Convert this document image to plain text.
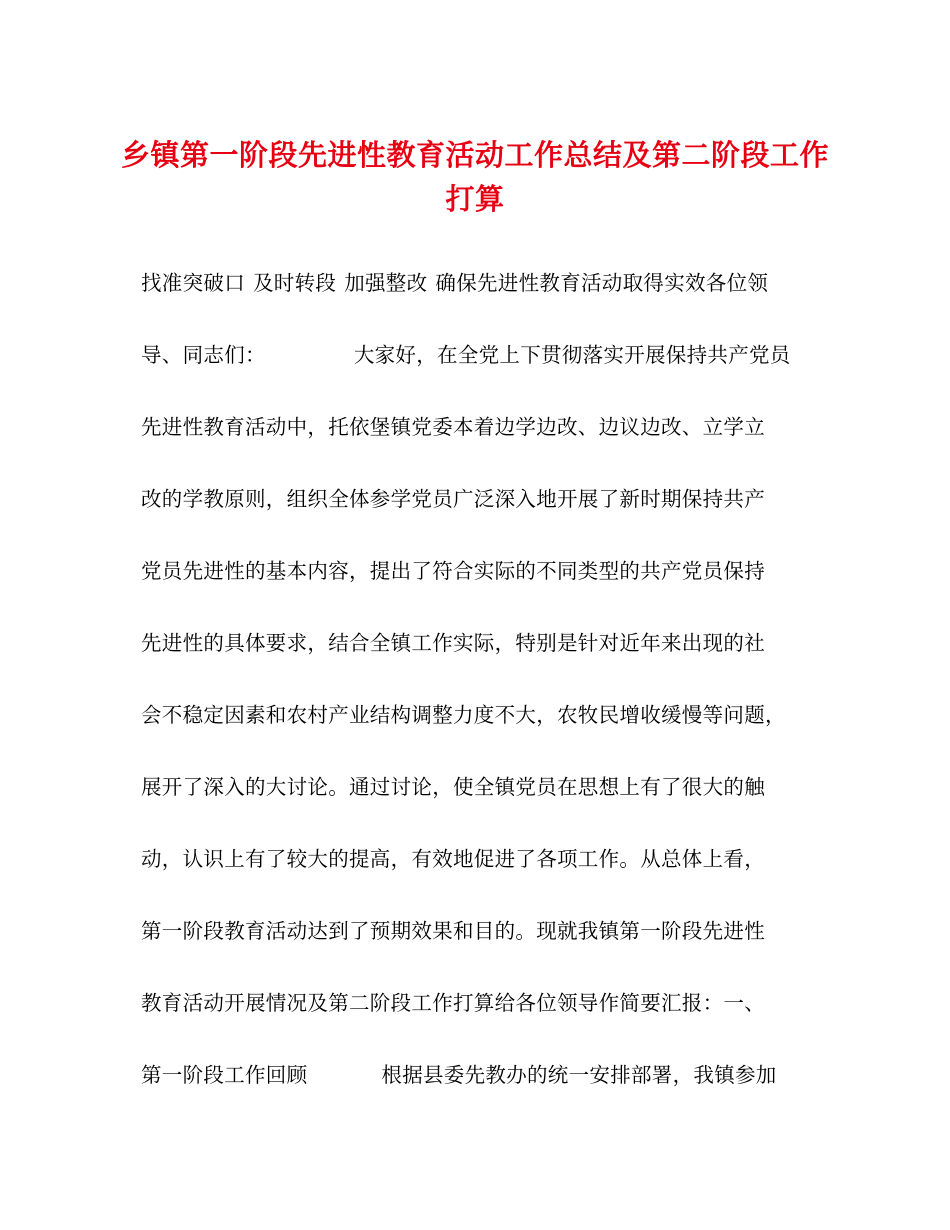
乡镇第一阶段先进性教育活动工作总结及第二阶段工作
打算
找准突破口 及时转段 加强整改 确保先进性教育活动取得实效各位领
导、同志们：	大家好，在全党上下贯彻落实开展保持共产党员
先进性教育活动中，托依堡镇党委本着边学边改、边议边改、立学立
改的学教原则，组织全体参学党员广泛深入地开展了新时期保持共产
党员先进性的基本内容，提出了符合实际的不同类型的共产党员保持
先进性的具体要求，结合全镇工作实际，特别是针对近年来出现的社
会不稳定因素和农村产业结构调整力度不大，农牧民增收缓慢等问题，
展开了深入的大讨论。通过讨论，使全镇党员在思想上有了很大的触
动，认识上有了较大的提高，有效地促进了各项工作。从总体上看，
第一阶段教育活动达到了预期效果和目的。现就我镇第一阶段先进性
教育活动开展情况及第二阶段工作打算给各位领导作简要汇报：一、
第一阶段工作回顾	根据县委先教办的统一安排部署，我镇参加
